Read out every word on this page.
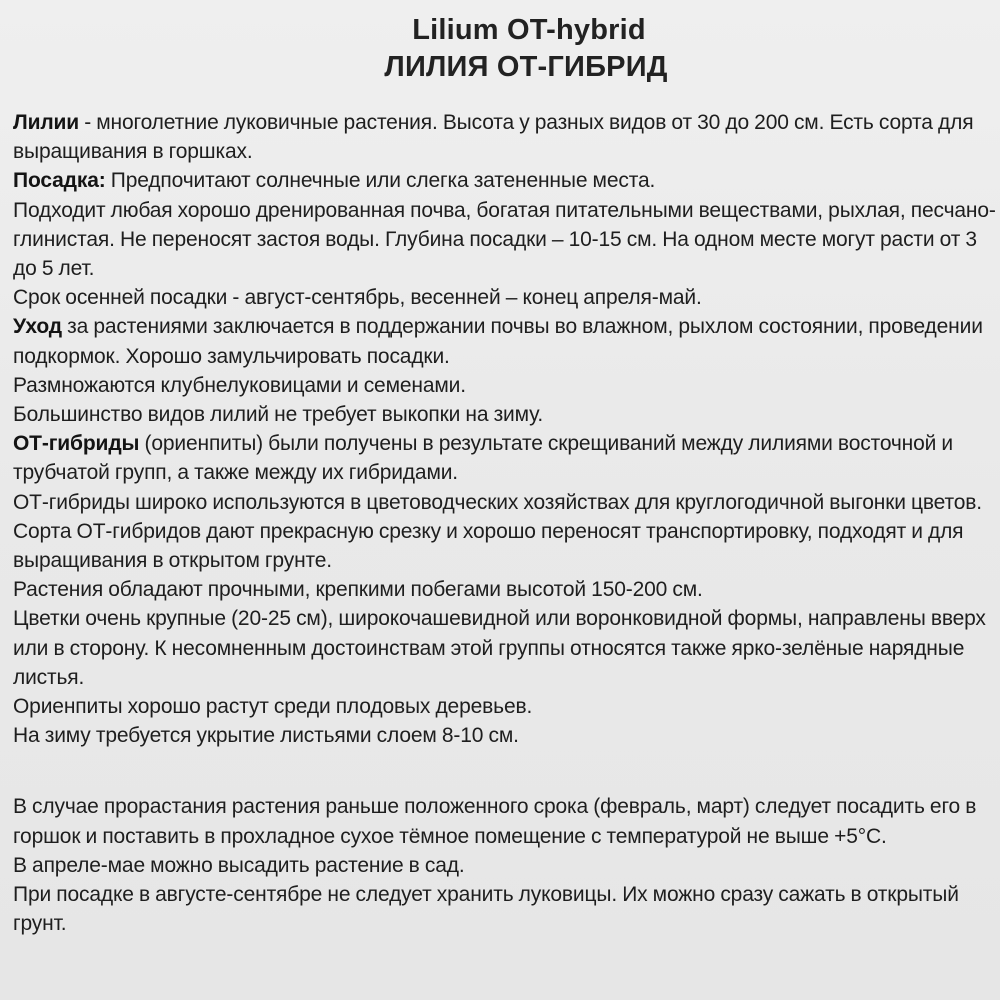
Lilium OT-hybrid
ЛИЛИЯ ОТ-ГИБРИД

Лилии - многолетние луковичные растения. Высота у разных видов от 30 до 200 см. Есть сорта для выращивания в горшках.

Посадка: Предпочитают солнечные или слегка затененные места.

Подходит любая хорошо дренированная почва, богатая питательными веществами, рыхлая, песчано-глинистая. Не переносят застоя воды. Глубина посадки – 10-15 см. На одном месте могут расти от 3 до 5 лет.

Срок осенней посадки - август-сентябрь, весенней – конец апреля-май.

Уход за растениями заключается в поддержании почвы во влажном, рыхлом состоянии, проведении подкормок. Хорошо замульчировать посадки.

Размножаются клубнелуковицами и семенами.

Большинство видов лилий не требует выкопки на зиму.

ОТ-гибриды (ориенпиты) были получены в результате скрещиваний между лилиями восточной и трубчатой групп, а также между их гибридами.

ОТ-гибриды широко используются в цветоводческих хозяйствах для круглогодичной выгонки цветов.

Сорта ОТ-гибридов дают прекрасную срезку и хорошо переносят транспортировку, подходят и для выращивания в открытом грунте.

Растения обладают прочными, крепкими побегами высотой 150-200 см.

Цветки очень крупные (20-25 см), широкочашевидной или воронковидной формы, направлены вверх или в сторону. К несомненным достоинствам этой группы относятся также ярко-зелёные нарядные листья.

Ориенпиты хорошо растут среди плодовых деревьев.

На зиму требуется укрытие листьями слоем 8-10 см.

В случае прорастания растения раньше положенного срока (февраль, март) следует посадить его в горшок и поставить в прохладное сухое тёмное помещение с температурой не выше +5°C.

В апреле-мае можно высадить растение в сад.

При посадке в августе-сентябре не следует хранить луковицы. Их можно сразу сажать в открытый грунт.
